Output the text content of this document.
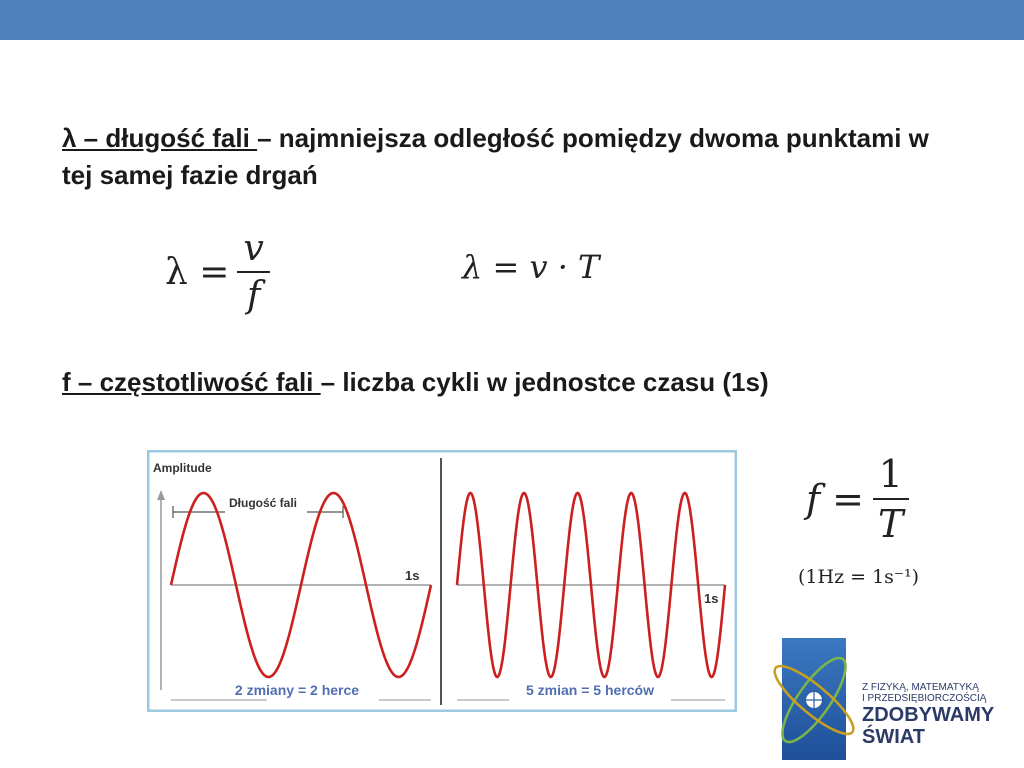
λ – długość fali – najmniejsza odległość pomiędzy dwoma punktami w tej samej fazie drgań
$\lambda = \frac{v}{f}$	λ = v · T
f – częstotliwość fali – liczba cykli w jednostce czasu (1s)
Amplitude
Długość fali
1s
1s
2 zmiany = 2 herce	5 zmian = 5 herców
$f = \frac{1}{T}$
(1Hz = 1s⁻¹)
Z FIZYKĄ, MATEMATYKĄ
I PRZEDSIĘBIORCZOŚCIĄ
ZDOBYWAMY
ŚWIAT
